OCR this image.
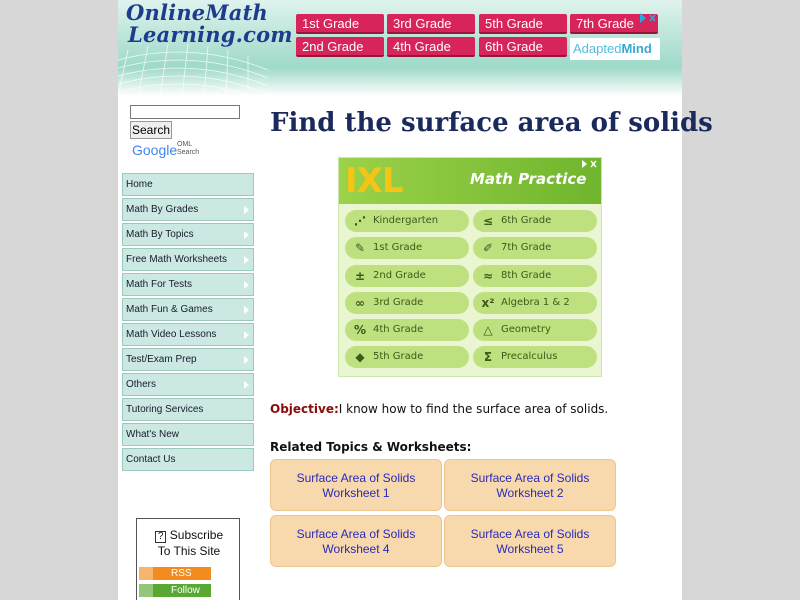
OnlineMath
Learning.com 1st Grade	3rd Grade	5th Grade	7th Grade
2nd Grade	4th Grade	6th Grade	AdaptedMind
Search
Google OML
Search
Home
Math By Grades
Math By Topics
Free Math Worksheets
Math For Tests
Math Fun & Games
Math Video Lessons
Test/Exam Prep
Others
Tutoring Services
What's New
Contact Us
? Subscribe
To This Site
RSS
Follow
Find the surface area of solids
IXL	Math Practice
⋰ Kindergarten	≤ 6th Grade
✎ 1st Grade	✐ 7th Grade
± 2nd Grade	≈ 8th Grade
∞ 3rd Grade	x² Algebra 1 & 2
% 4th Grade	△ Geometry
◆ 5th Grade	Σ Precalculus
Objective:I know how to find the surface area of solids.
Related Topics & Worksheets:
Surface Area of Solids Worksheet 1
Surface Area of Solids Worksheet 2
Surface Area of Solids Worksheet 4
Surface Area of Solids Worksheet 5
